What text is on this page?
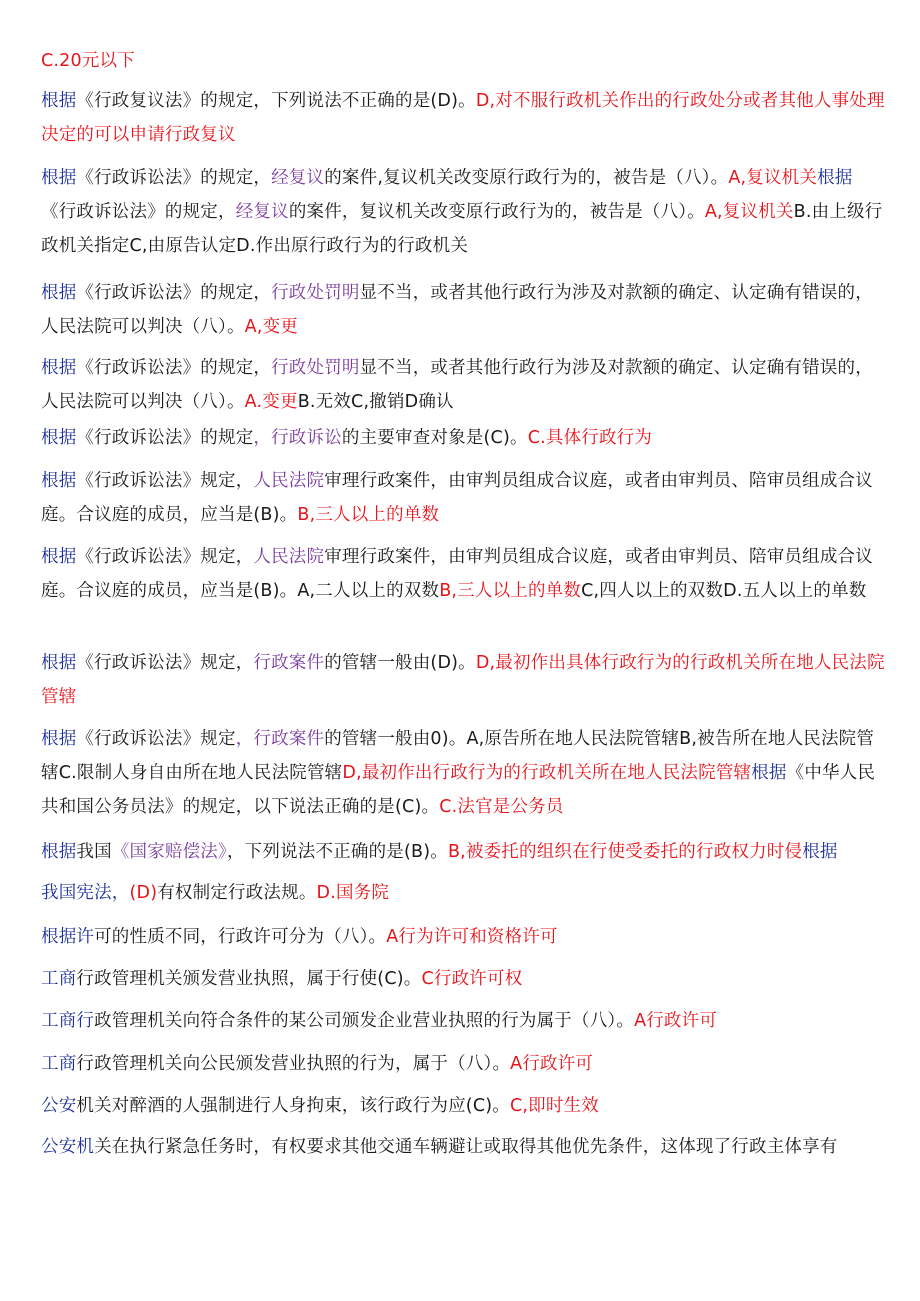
C.20元以下
根据《行政复议法》的规定，下列说法不正确的是(D)。D,对不服行政机关作出的行政处分或者其他人事处理决定的可以申请行政复议
根据《行政诉讼法》的规定，经复议的案件,复议机关改变原行政行为的，被告是（八）。A,复议机关根据《行政诉讼法》的规定，经复议的案件，复议机关改变原行政行为的，被告是（八）。A,复议机关B.由上级行政机关指定C,由原告认定D.作出原行政行为的行政机关
根据《行政诉讼法》的规定，行政处罚明显不当，或者其他行政行为涉及对款额的确定、认定确有错误的，人民法院可以判决（八）。A,变更
根据《行政诉讼法》的规定，行政处罚明显不当，或者其他行政行为涉及对款额的确定、认定确有错误的，人民法院可以判决（八）。A.变更B.无效C,撤销D确认
根据《行政诉讼法》的规定，行政诉讼的主要审查对象是(C)。C.具体行政行为
根据《行政诉讼法》规定，人民法院审理行政案件，由审判员组成合议庭，或者由审判员、陪审员组成合议庭。合议庭的成员，应当是(B)。B,三人以上的单数
根据《行政诉讼法》规定，人民法院审理行政案件，由审判员组成合议庭，或者由审判员、陪审员组成合议庭。合议庭的成员，应当是(B)。A,二人以上的双数B,三人以上的单数C,四人以上的双数D.五人以上的单数
根据《行政诉讼法》规定，行政案件的管辖一般由(D)。D,最初作出具体行政行为的行政机关所在地人民法院管辖
根据《行政诉讼法》规定，行政案件的管辖一般由0)。A,原告所在地人民法院管辖B,被告所在地人民法院管辖C.限制人身自由所在地人民法院管辖D,最初作出行政行为的行政机关所在地人民法院管辖根据《中华人民共和国公务员法》的规定，以下说法正确的是(C)。C.法官是公务员
根据我国《国家赔偿法》，下列说法不正确的是(B)。B,被委托的组织在行使受委托的行政权力时侵根据
我国宪法，(D)有权制定行政法规。D.国务院
根据许可的性质不同，行政许可分为（八）。A行为许可和资格许可
工商行政管理机关颁发营业执照，属于行使(C)。C行政许可权
工商行政管理机关向符合条件的某公司颁发企业营业执照的行为属于（八）。A行政许可
工商行政管理机关向公民颁发营业执照的行为，属于（八）。A行政许可
公安机关对醉酒的人强制进行人身拘束，该行政行为应(C)。C,即时生效
公安机关在执行紧急任务时，有权要求其他交通车辆避让或取得其他优先条件，这体现了行政主体享有
